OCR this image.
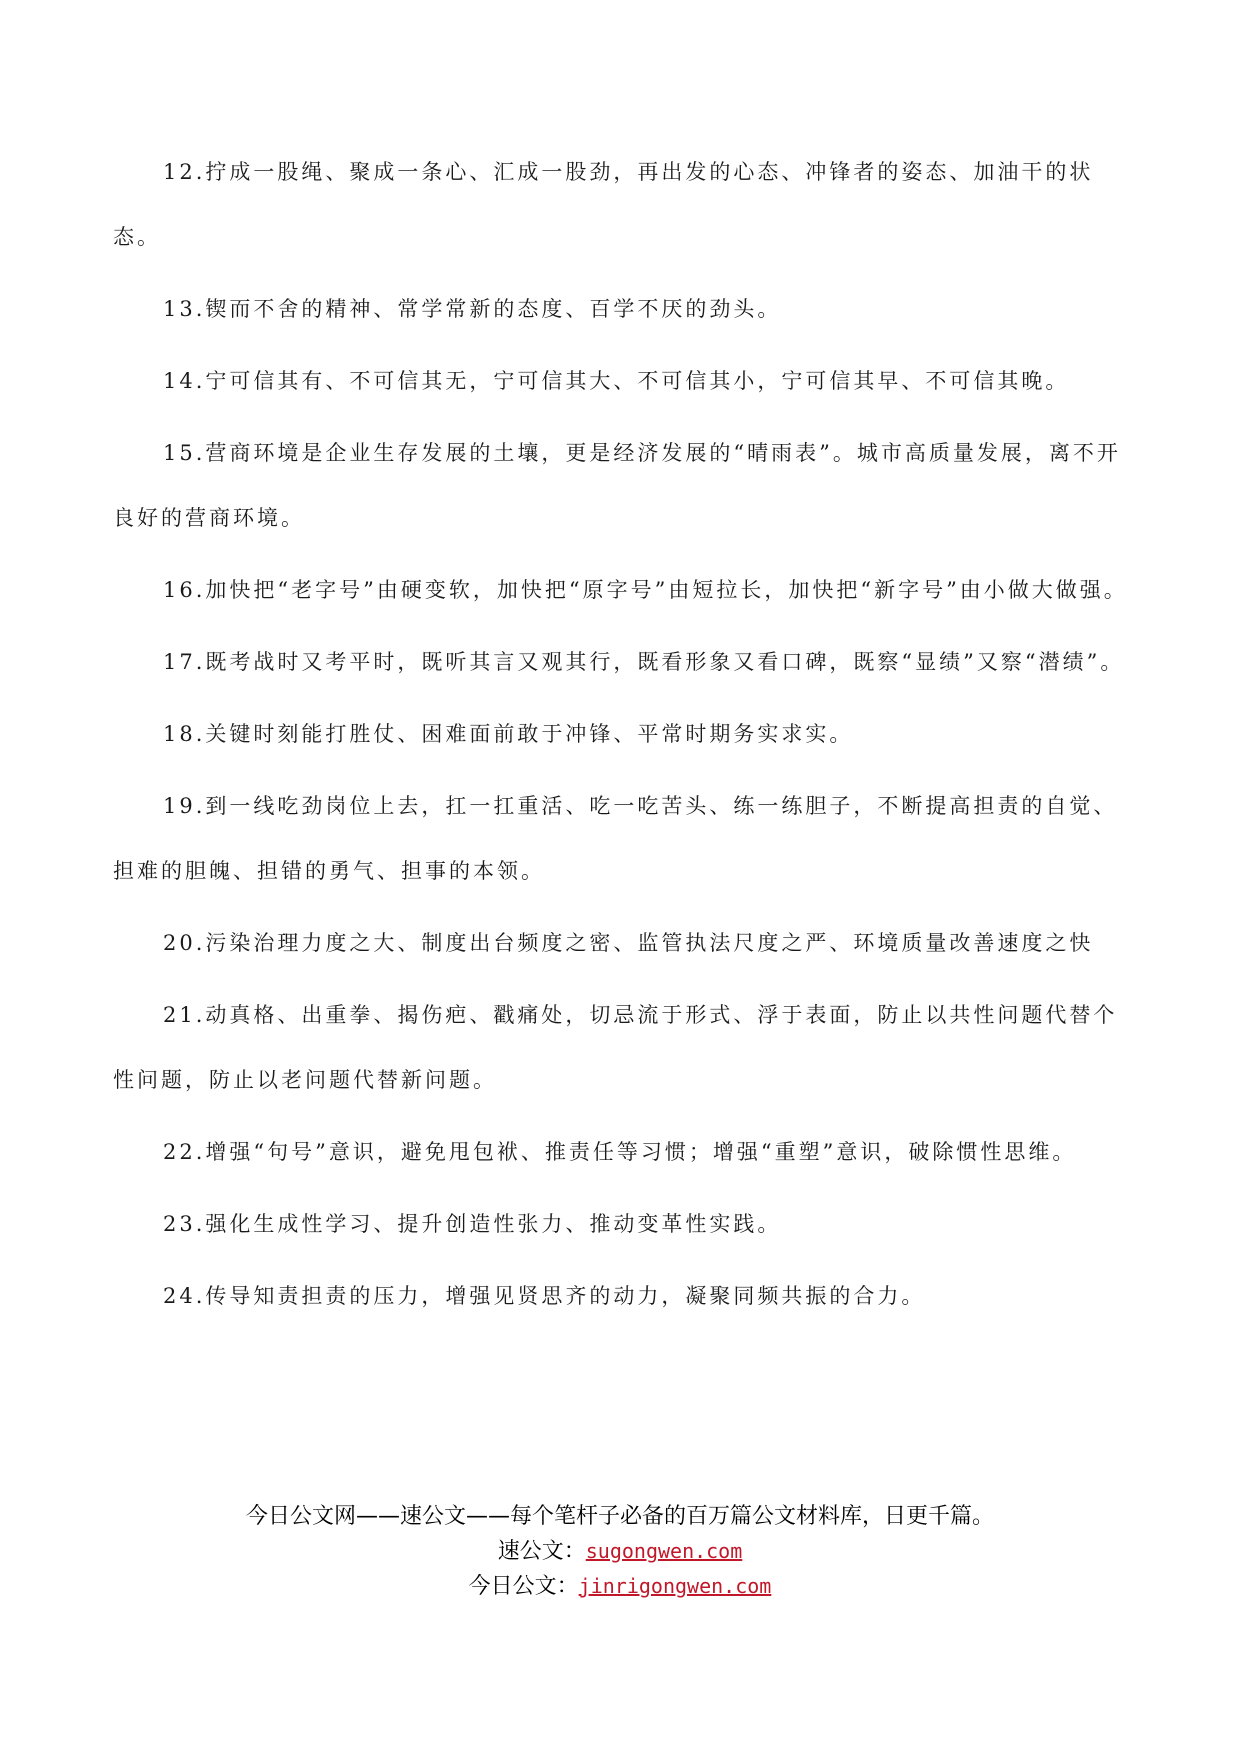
12.拧成一股绳、聚成一条心、汇成一股劲，再出发的心态、冲锋者的姿态、加油干的状态。

13.锲而不舍的精神、常学常新的态度、百学不厌的劲头。

14.宁可信其有、不可信其无，宁可信其大、不可信其小，宁可信其早、不可信其晚。

15.营商环境是企业生存发展的土壤，更是经济发展的“晴雨表”。城市高质量发展，离不开良好的营商环境。

16.加快把“老字号”由硬变软，加快把“原字号”由短拉长，加快把“新字号”由小做大做强。

17.既考战时又考平时，既听其言又观其行，既看形象又看口碑，既察“显绩”又察“潜绩”。

18.关键时刻能打胜仗、困难面前敢于冲锋、平常时期务实求实。

19.到一线吃劲岗位上去，扛一扛重活、吃一吃苦头、练一练胆子，不断提高担责的自觉、担难的胆魄、担错的勇气、担事的本领。

20.污染治理力度之大、制度出台频度之密、监管执法尺度之严、环境质量改善速度之快

21.动真格、出重拳、揭伤疤、戳痛处，切忌流于形式、浮于表面，防止以共性问题代替个性问题，防止以老问题代替新问题。

22.增强“句号”意识，避免甩包袱、推责任等习惯；增强“重塑”意识，破除惯性思维。

23.强化生成性学习、提升创造性张力、推动变革性实践。

24.传导知责担责的压力，增强见贤思齐的动力，凝聚同频共振的合力。

今日公文网——速公文——每个笔杆子必备的百万篇公文材料库，日更千篇。
速公文：sugongwen.com
今日公文：jinrigongwen.com
